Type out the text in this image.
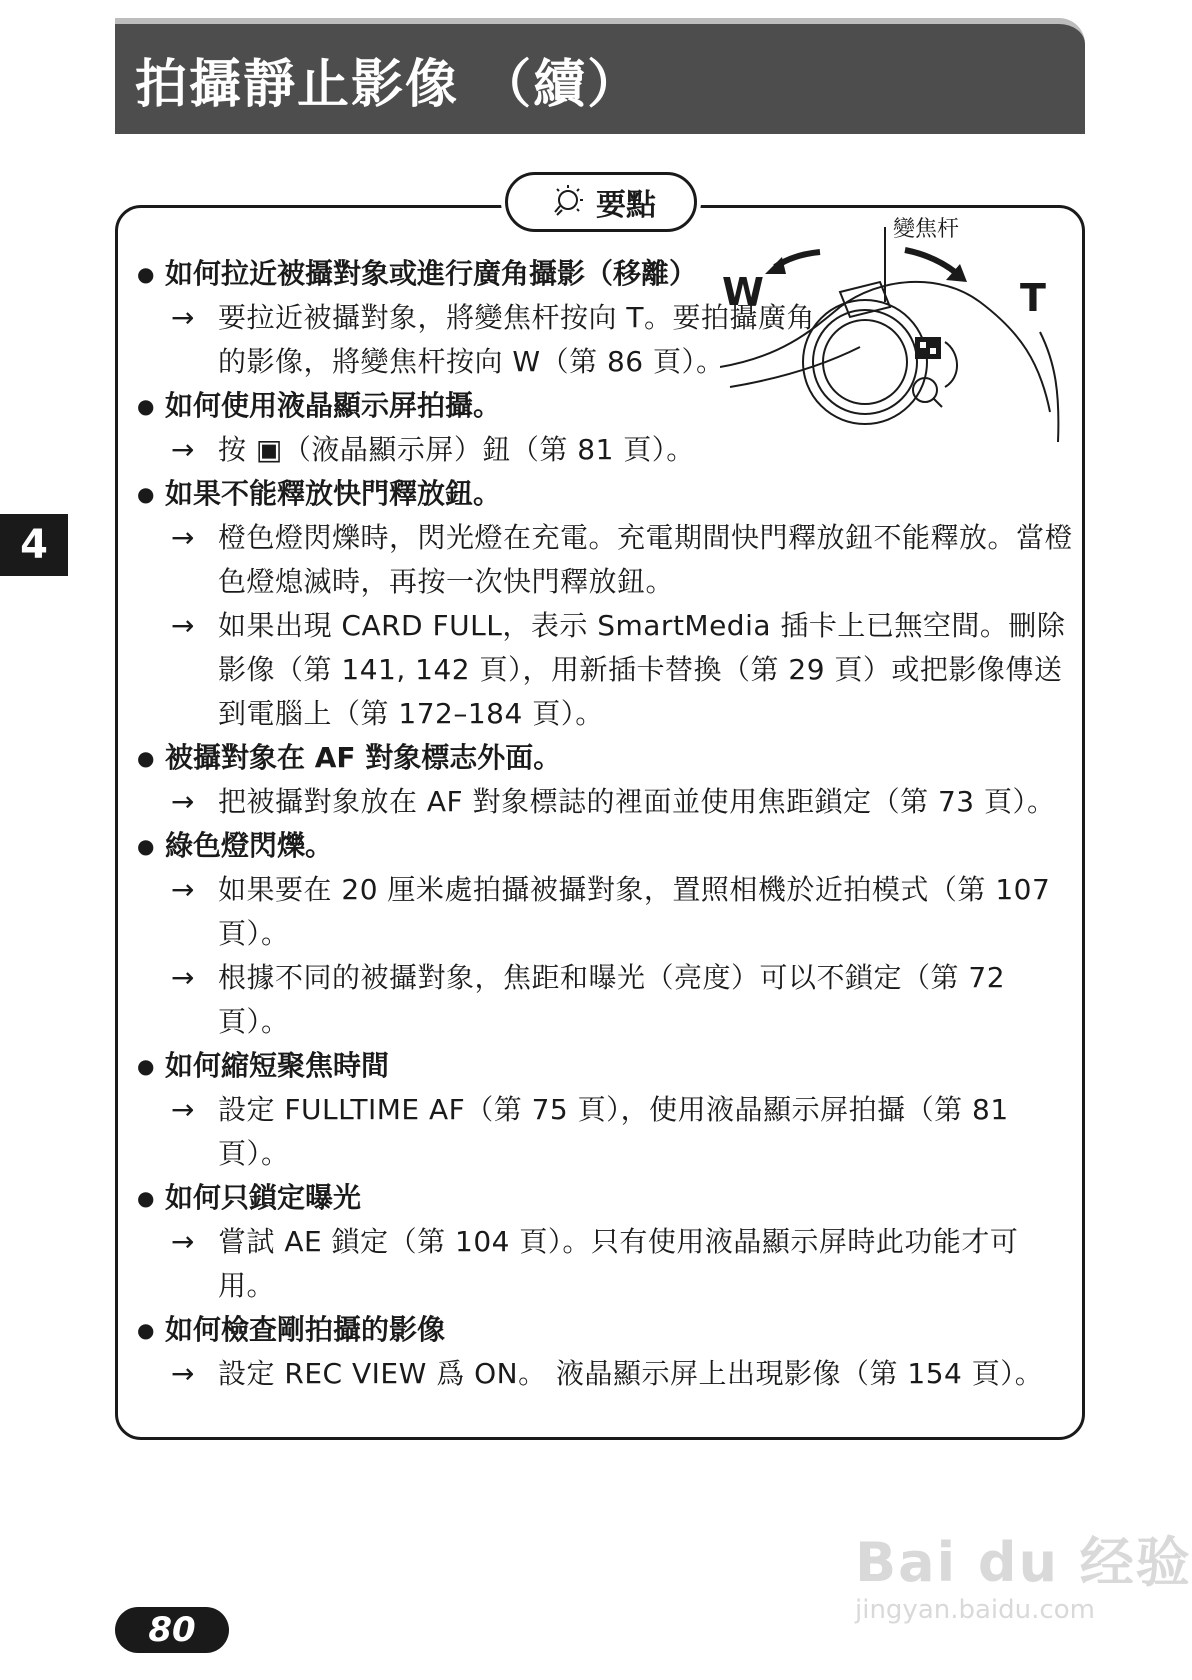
拍攝靜止影像 （續）
4
要點
變焦杆
W	T
● 如何拉近被攝對象或進行廣角攝影（移離）
→ 要拉近被攝對象，將變焦杆按向 T。要拍攝廣角的影像，將變焦杆按向 W（第 86 頁）。
● 如何使用液晶顯示屏拍攝。
→ 按 ▣（液晶顯示屏）鈕（第 81 頁）。
● 如果不能釋放快門釋放鈕。
→ 橙色燈閃爍時，閃光燈在充電。充電期間快門釋放鈕不能釋放。當橙色燈熄滅時，再按一次快門釋放鈕。
→ 如果出現 CARD FULL，表示 SmartMedia 插卡上已無空間。刪除影像（第 141, 142 頁），用新插卡替換（第 29 頁）或把影像傳送到電腦上（第 172–184 頁）。
● 被攝對象在 AF 對象標志外面。
→ 把被攝對象放在 AF 對象標誌的裡面並使用焦距鎖定（第 73 頁）。
● 綠色燈閃爍。
→ 如果要在 20 厘米處拍攝被攝對象，置照相機於近拍模式（第 107 頁）。
→ 根據不同的被攝對象，焦距和曝光（亮度）可以不鎖定（第 72 頁）。
● 如何縮短聚焦時間
→ 設定 FULLTIME AF（第 75 頁），使用液晶顯示屏拍攝（第 81 頁）。
● 如何只鎖定曝光
→ 嘗試 AE 鎖定（第 104 頁）。只有使用液晶顯示屏時此功能才可用。
● 如何檢查剛拍攝的影像
→ 設定 REC VIEW 爲 ON。 液晶顯示屏上出現影像（第 154 頁）。
80
Bai du 经验
jingyan.baidu.com
